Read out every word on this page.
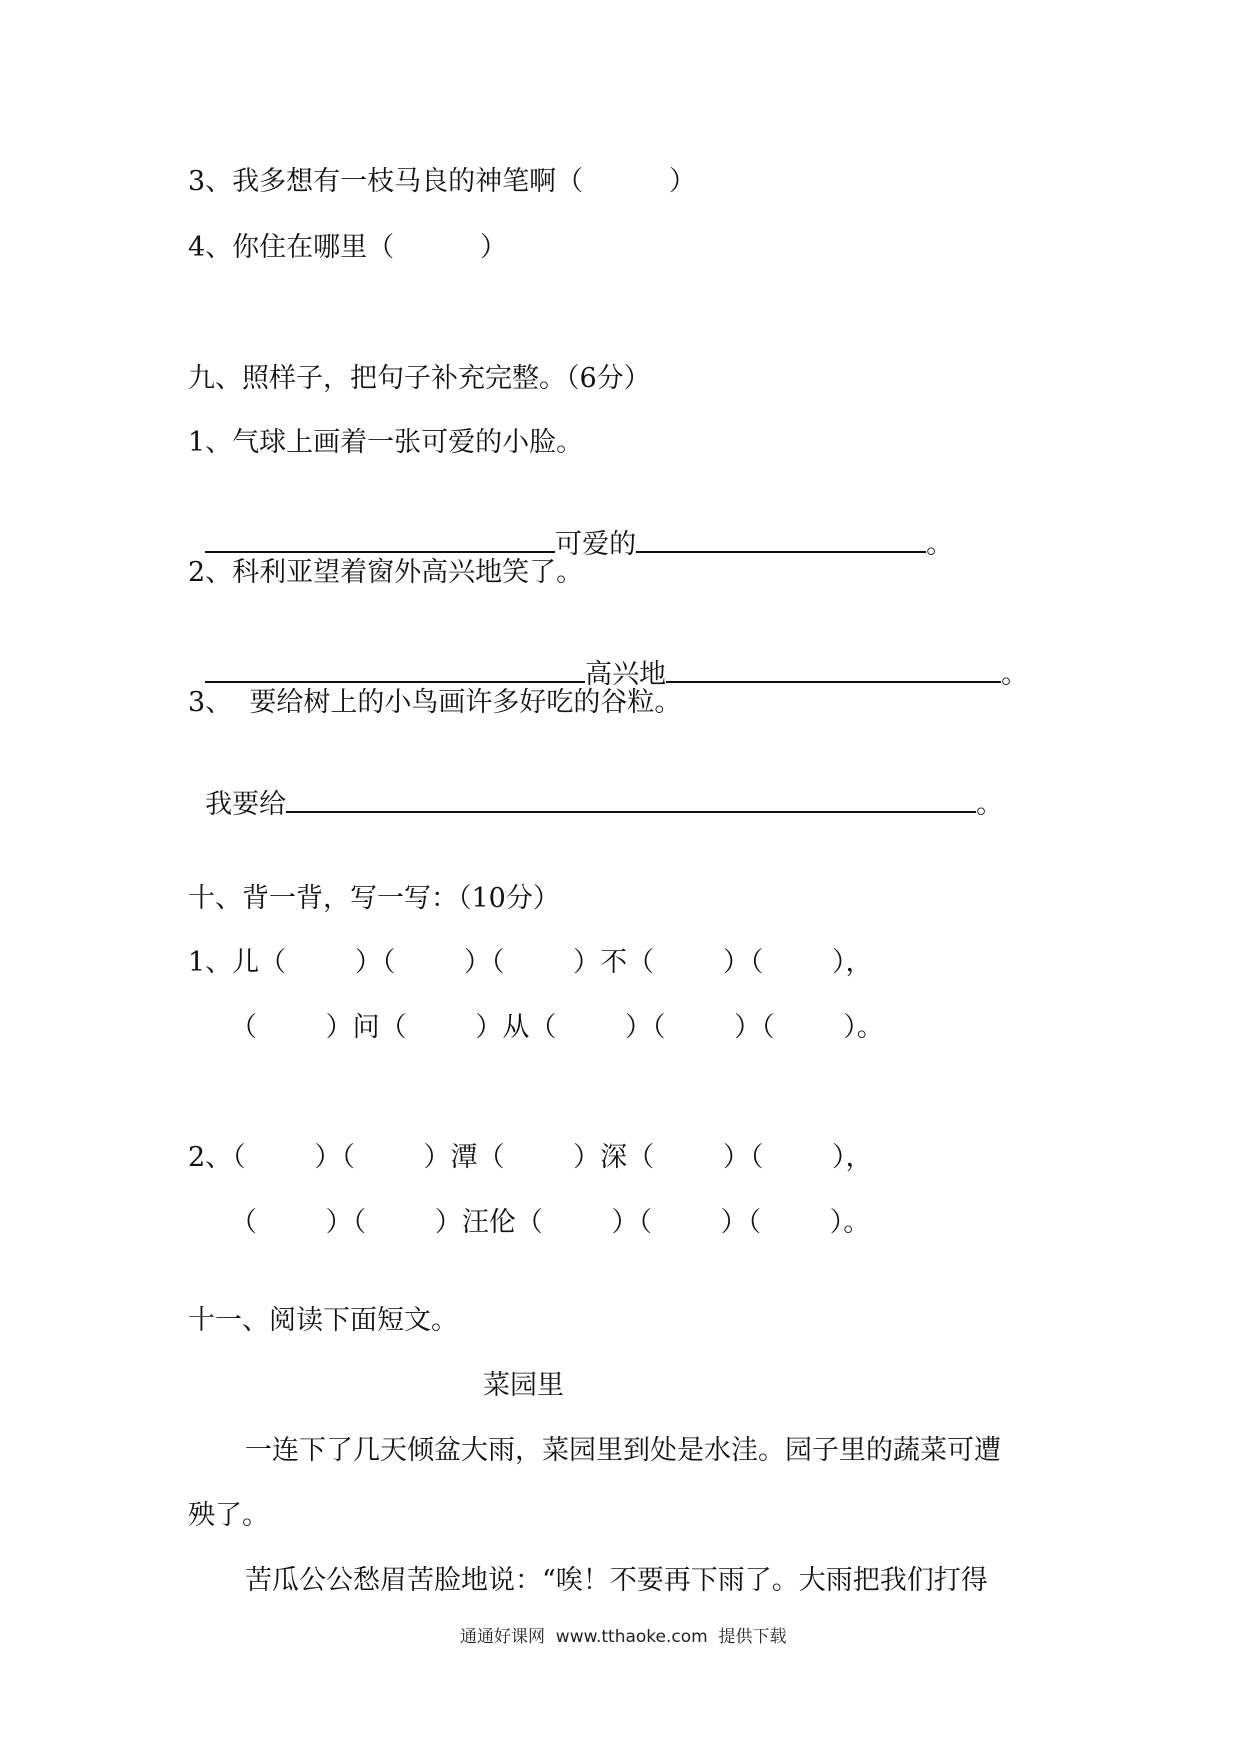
3、我多想有一枝马良的神笔啊（          ）
4、你住在哪里（          ）
九、照样子，把句子补充完整。（6分）
1、气球上画着一张可爱的小脸。

可爱的	。

2、科利亚望着窗外高兴地笑了。

高兴地	。

3、  要给树上的小鸟画许多好吃的谷粒。

我要给	。

十、背一背，写一写：（10分）
1、儿（        ）（        ）（        ）不（        ）（        ），
（        ）问（        ）从（        ）（        ）（        ）。
2、（        ）（        ）潭（        ）深（        ）（        ），
（        ）（        ）汪伦（        ）（        ）（        ）。
十一、阅读下面短文。
菜园里
一连下了几天倾盆大雨，菜园里到处是水洼。园子里的蔬菜可遭
殃了。
苦瓜公公愁眉苦脸地说：“唉！不要再下雨了。大雨把我们打得
通通好课网  www.tthaoke.com  提供下载
